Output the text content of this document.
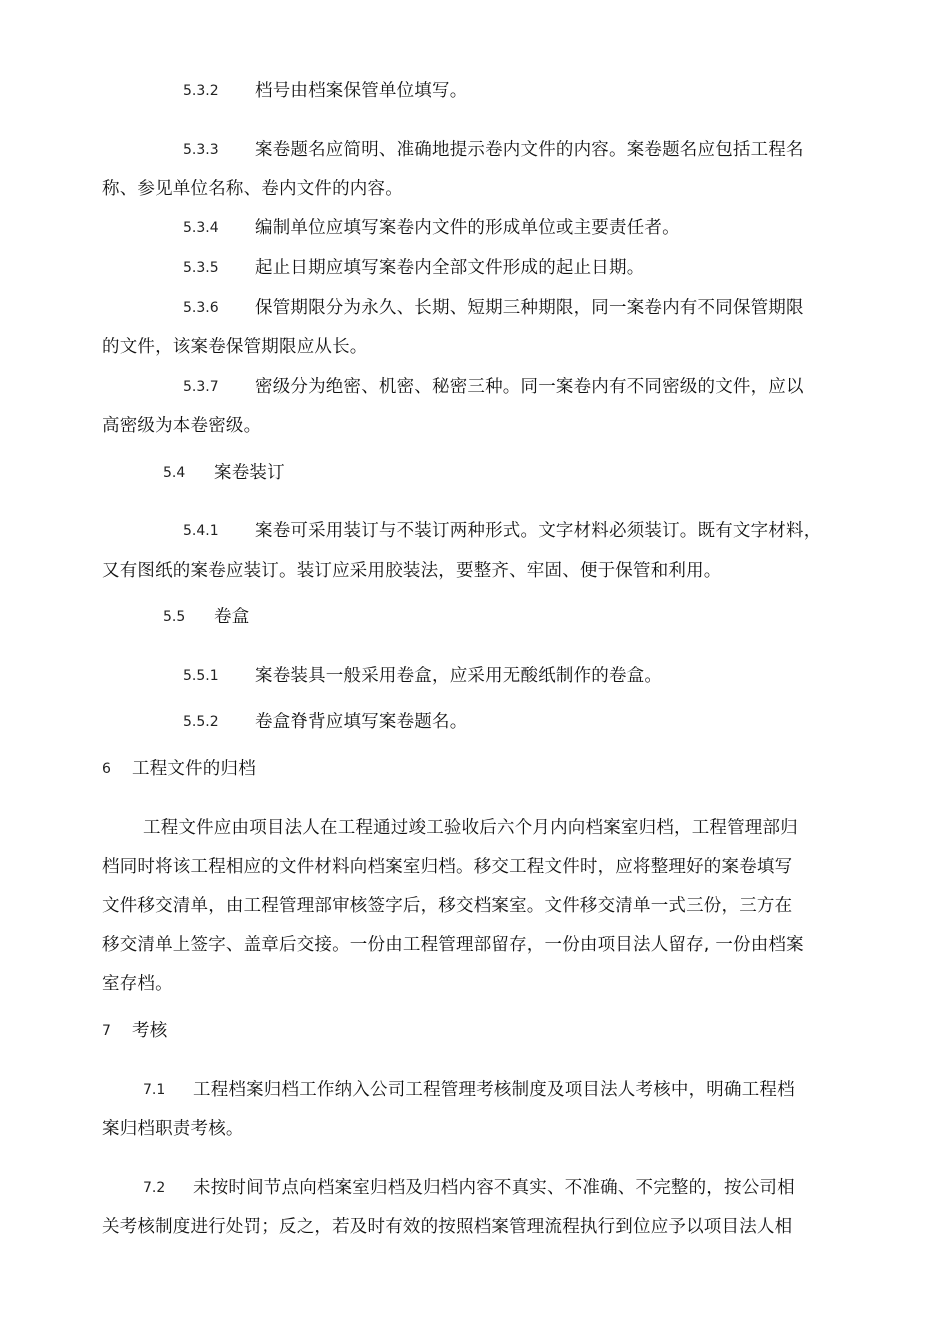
5.3.2 档号由档案保管单位填写。
5.3.3 案卷题名应简明、准确地提示卷内文件的内容。案卷题名应包括工程名
称、参见单位名称、卷内文件的内容。
5.3.4 编制单位应填写案卷内文件的形成单位或主要责任者。
5.3.5 起止日期应填写案卷内全部文件形成的起止日期。
5.3.6 保管期限分为永久、长期、短期三种期限，同一案卷内有不同保管期限
的文件，该案卷保管期限应从长。
5.3.7 密级分为绝密、机密、秘密三种。同一案卷内有不同密级的文件，应以
高密级为本卷密级。
5.4 案卷装订
5.4.1 案卷可采用装订与不装订两种形式。文字材料必须装订。既有文字材料，
又有图纸的案卷应装订。装订应采用胶装法，要整齐、牢固、便于保管和利用。
5.5 卷盒
5.5.1 案卷装具一般采用卷盒，应采用无酸纸制作的卷盒。
5.5.2 卷盒脊背应填写案卷题名。
6 工程文件的归档
工程文件应由项目法人在工程通过竣工验收后六个月内向档案室归档，工程管理部归
档同时将该工程相应的文件材料向档案室归档。移交工程文件时，应将整理好的案卷填写
文件移交清单，由工程管理部审核签字后，移交档案室。文件移交清单一式三份，三方在
移交清单上签字、盖章后交接。一份由工程管理部留存，一份由项目法人留存, 一份由档案
室存档。
7 考核
7.1 工程档案归档工作纳入公司工程管理考核制度及项目法人考核中，明确工程档
案归档职责考核。
7.2 未按时间节点向档案室归档及归档内容不真实、不准确、不完整的，按公司相
关考核制度进行处罚；反之，若及时有效的按照档案管理流程执行到位应予以项目法人相
